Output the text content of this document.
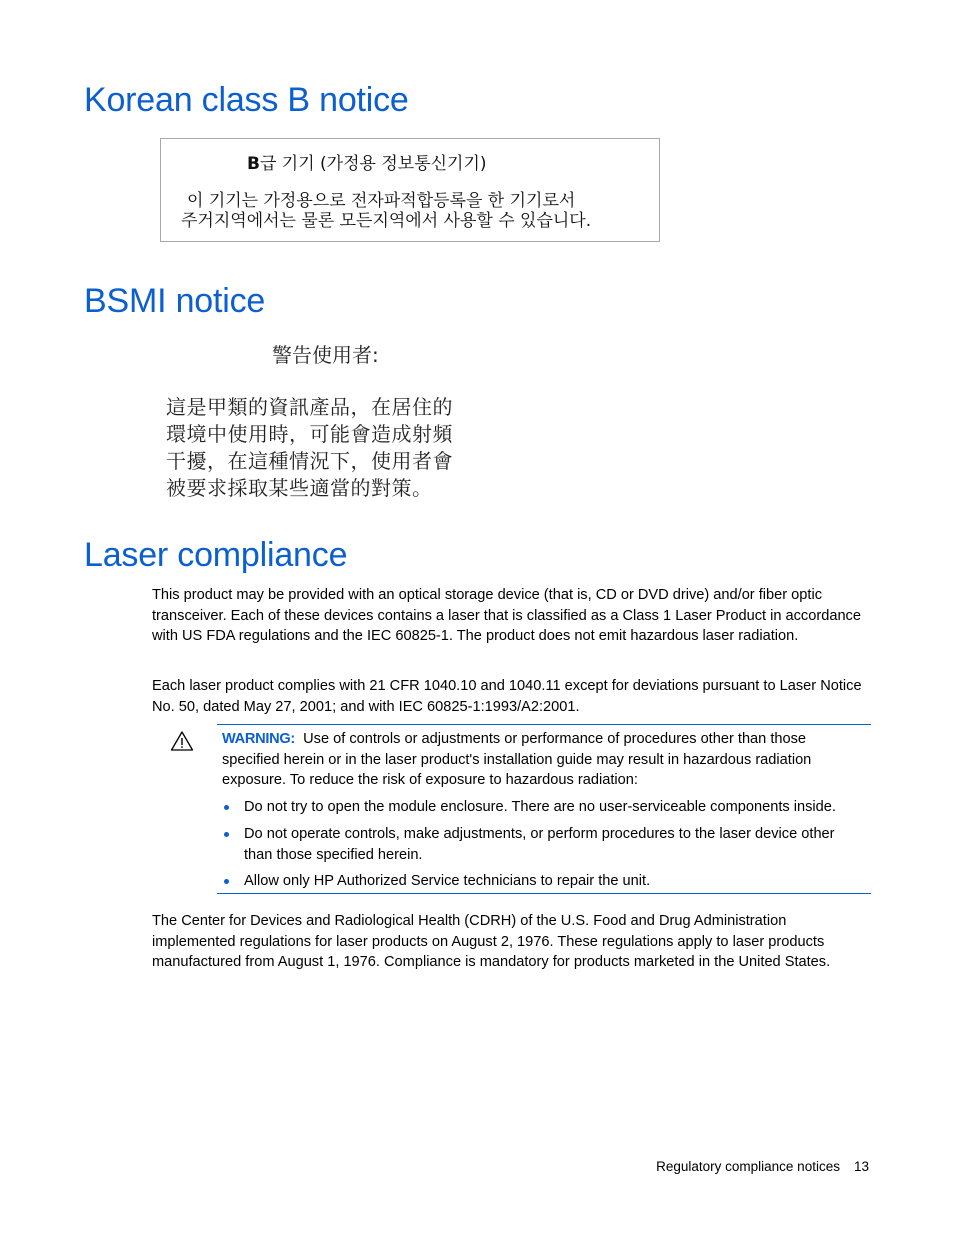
Korean class B notice
B급 기기 (가정용 정보통신기기)
이 기기는 가정용으로 전자파적합등록을 한 기기로서
주거지역에서는 물론 모든지역에서 사용할 수 있습니다.
BSMI notice
警告使用者:
這是甲類的資訊產品，在居住的
環境中使用時，可能會造成射頻
干擾，在這種情況下，使用者會
被要求採取某些適當的對策。
Laser compliance

This product may be provided with an optical storage device (that is, CD or DVD drive) and/or fiber optic transceiver. Each of these devices contains a laser that is classified as a Class 1 Laser Product in accordance with US FDA regulations and the IEC 60825-1. The product does not emit hazardous laser radiation.

Each laser product complies with 21 CFR 1040.10 and 1040.11 except for deviations pursuant to Laser Notice No. 50, dated May 27, 2001; and with IEC 60825-1:1993/A2:2001.

WARNING: Use of controls or adjustments or performance of procedures other than those specified herein or in the laser product's installation guide may result in hazardous radiation exposure. To reduce the risk of exposure to hazardous radiation:

Do not try to open the module enclosure. There are no user-serviceable components inside.
Do not operate controls, make adjustments, or perform procedures to the laser device other than those specified herein.
Allow only HP Authorized Service technicians to repair the unit.

The Center for Devices and Radiological Health (CDRH) of the U.S. Food and Drug Administration implemented regulations for laser products on August 2, 1976. These regulations apply to laser products manufactured from August 1, 1976. Compliance is mandatory for products marketed in the United States.

Regulatory compliance notices 13
